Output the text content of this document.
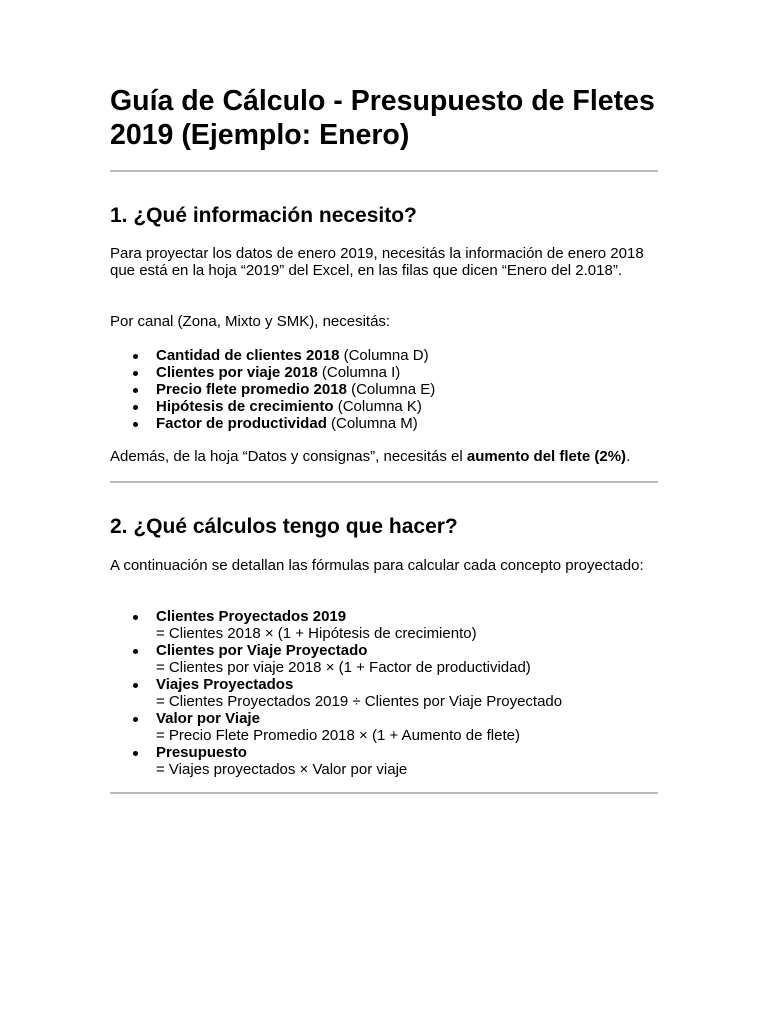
Guía de Cálculo - Presupuesto de Fletes 2019 (Ejemplo: Enero)
1. ¿Qué información necesito?

Para proyectar los datos de enero 2019, necesitás la información de enero 2018 que está en la hoja “2019” del Excel, en las filas que dicen “Enero del 2.018”.

Por canal (Zona, Mixto y SMK), necesitás:

Cantidad de clientes 2018 (Columna D)
Clientes por viaje 2018 (Columna I)
Precio flete promedio 2018 (Columna E)
Hipótesis de crecimiento (Columna K)
Factor de productividad (Columna M)

Además, de la hoja “Datos y consignas”, necesitás el aumento del flete (2%).

2. ¿Qué cálculos tengo que hacer?

A continuación se detallan las fórmulas para calcular cada concepto proyectado:

Clientes Proyectados 2019
= Clientes 2018 × (1 + Hipótesis de crecimiento)
Clientes por Viaje Proyectado
= Clientes por viaje 2018 × (1 + Factor de productividad)
Viajes Proyectados
= Clientes Proyectados 2019 ÷ Clientes por Viaje Proyectado
Valor por Viaje
= Precio Flete Promedio 2018 × (1 + Aumento de flete)
Presupuesto
= Viajes proyectados × Valor por viaje
